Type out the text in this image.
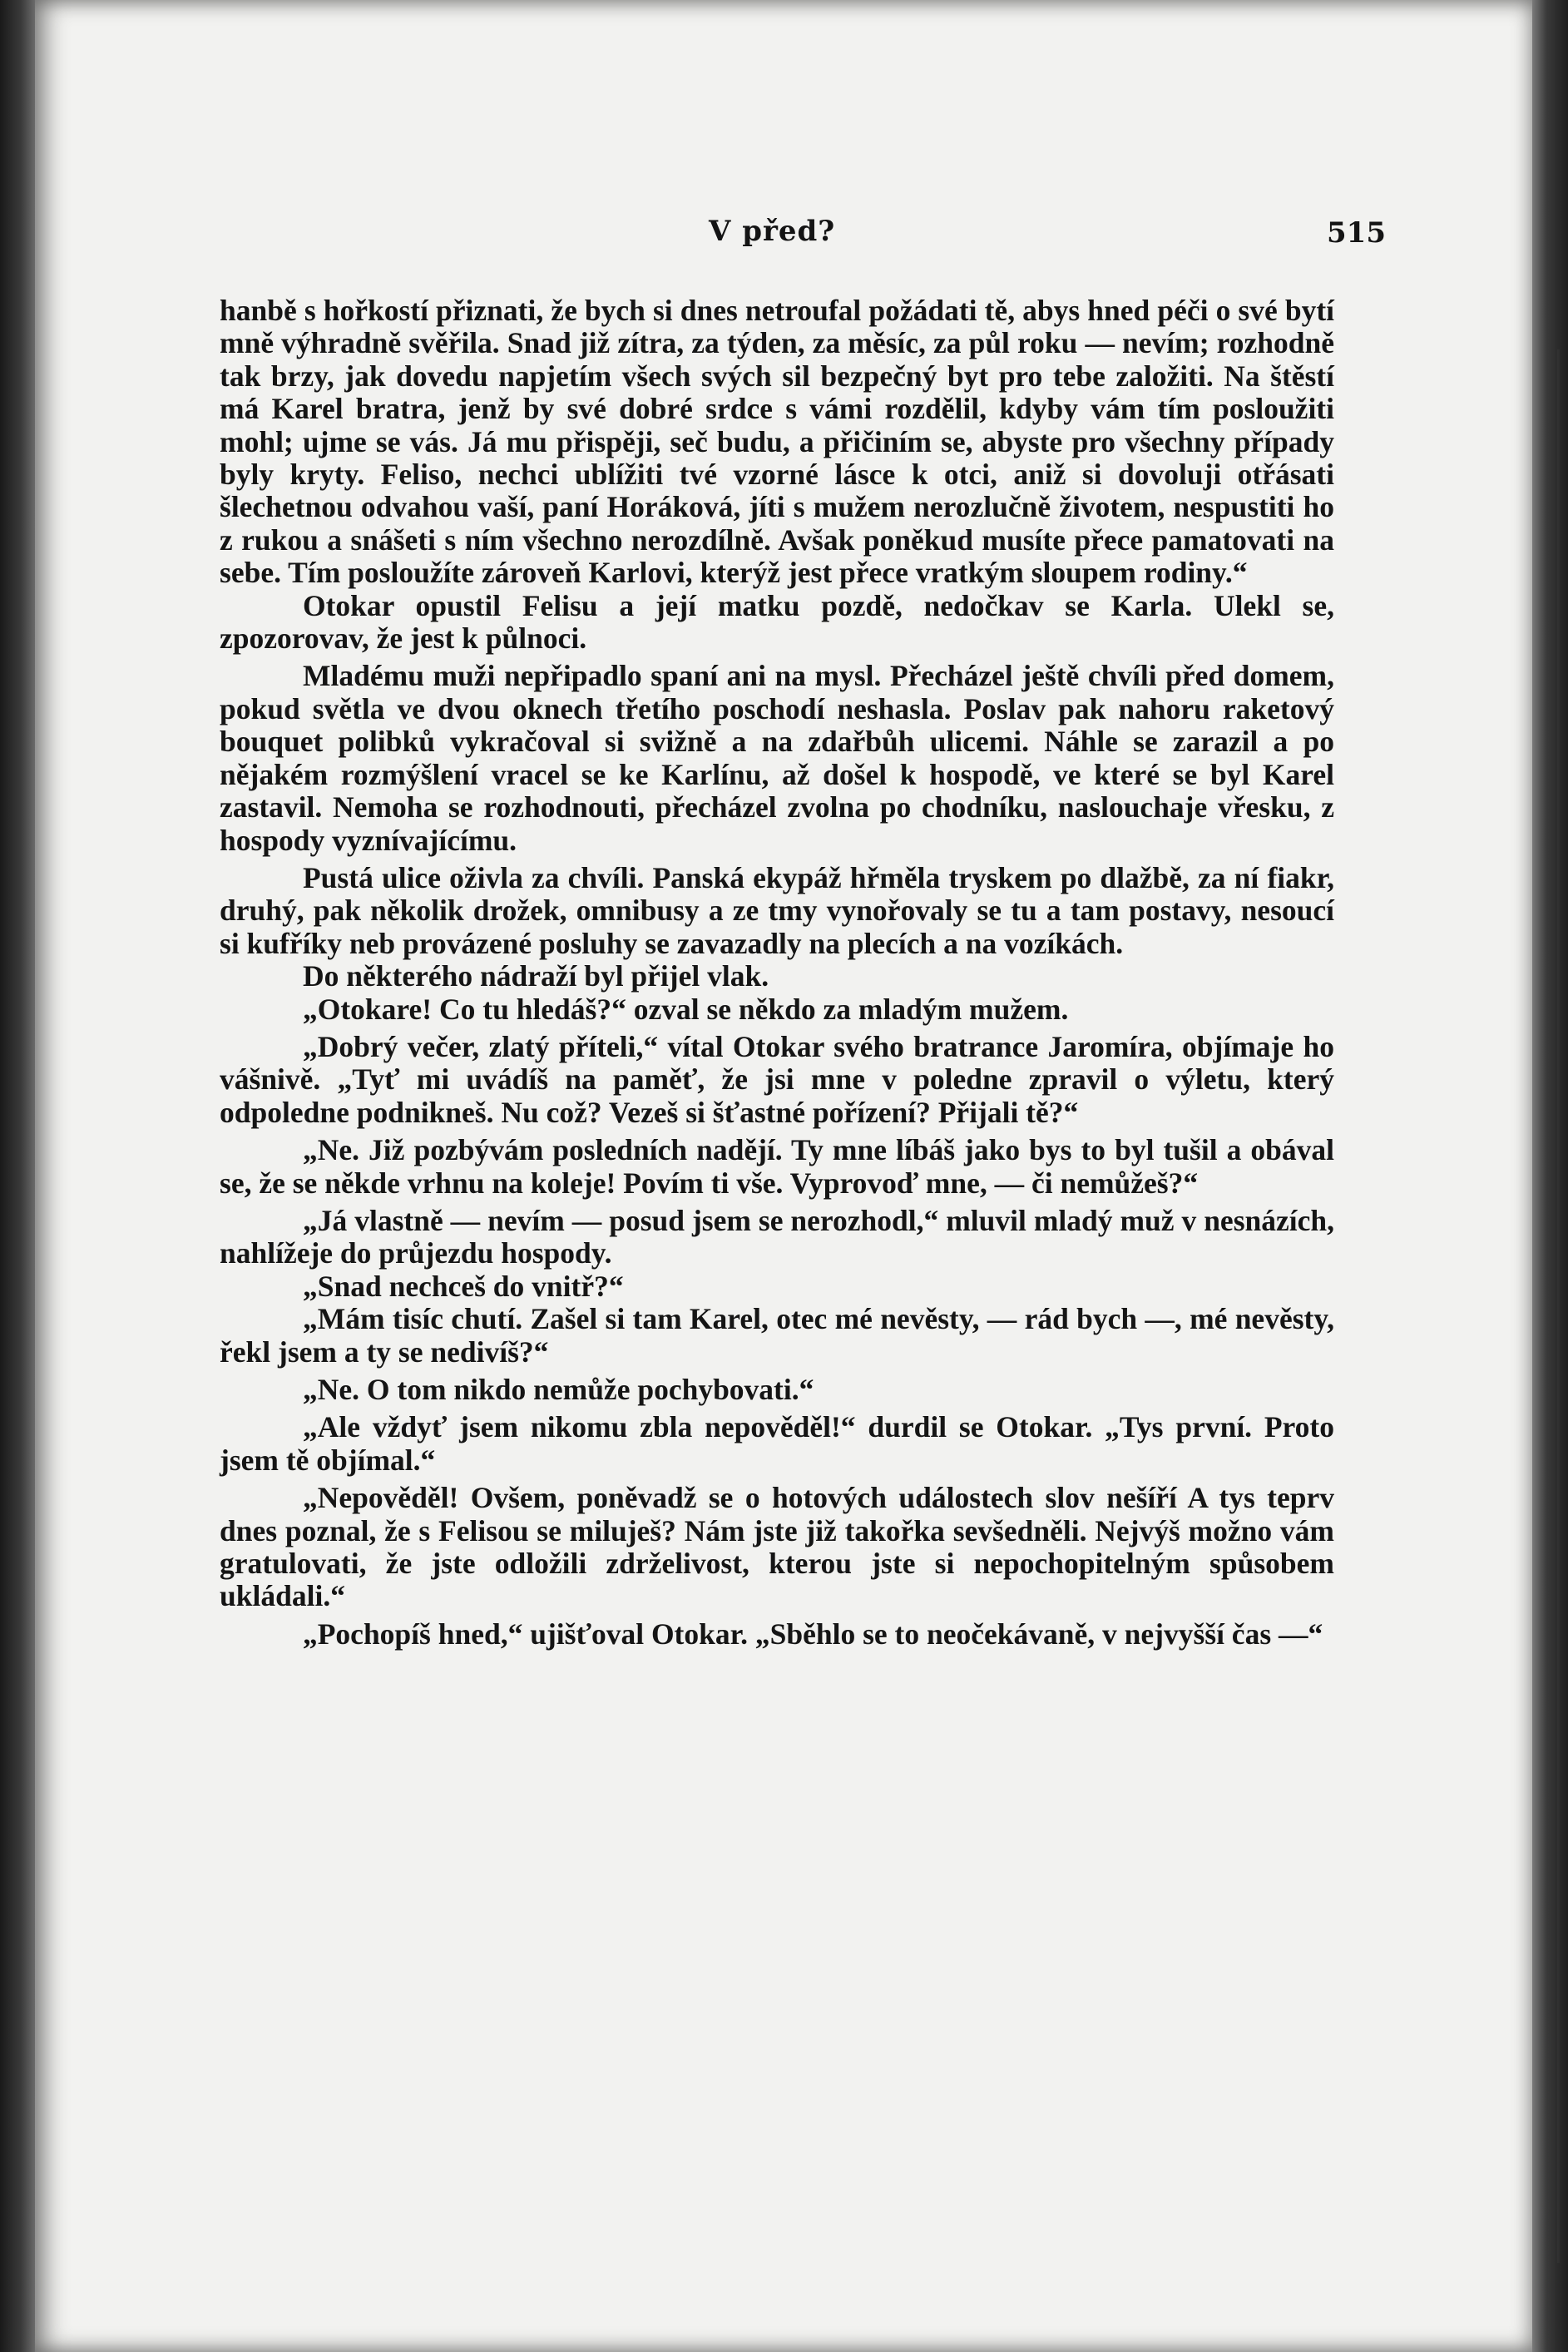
V před?	515

hanbě s hořkostí přiznati, že bych si dnes netroufal požádati tě, abys hned péči o své bytí mně výhradně svěřila. Snad již zítra, za týden, za měsíc, za půl roku — nevím; rozhodně tak brzy, jak dovedu napjetím všech svých sil bezpečný byt pro tebe založiti. Na štěstí má Karel bratra, jenž by své dobré srdce s vámi rozdělil, kdyby vám tím posloužiti mohl; ujme se vás. Já mu přispěji, seč budu, a přičiním se, abyste pro všechny případy byly kryty. Feliso, nechci ublížiti tvé vzorné lásce k otci, aniž si dovoluji otřásati šlechetnou odvahou vaší, paní Horáková, jíti s mužem nerozlučně životem, nespustiti ho z rukou a snášeti s ním všechno nerozdílně. Avšak poněkud musíte přece pamatovati na sebe. Tím posloužíte zároveň Karlovi, kterýž jest přece vratkým sloupem rodiny.“

Otokar opustil Felisu a její matku pozdě, nedočkav se Karla. Ulekl se, zpozorovav, že jest k půlnoci.

Mladému muži nepřipadlo spaní ani na mysl. Přecházel ještě chvíli před domem, pokud světla ve dvou oknech třetího poschodí neshasla. Poslav pak nahoru raketový bouquet polibků vykračoval si svižně a na zdařbůh ulicemi. Náhle se zarazil a po nějakém rozmýšlení vracel se ke Karlínu, až došel k hospodě, ve které se byl Karel zastavil. Nemoha se rozhodnouti, přecházel zvolna po chodníku, naslouchaje vřesku, z hospody vyznívajícímu.

Pustá ulice oživla za chvíli. Panská ekypáž hřměla tryskem po dlažbě, za ní fiakr, druhý, pak několik drožek, omnibusy a ze tmy vynořovaly se tu a tam postavy, nesoucí si kufříky neb provázené posluhy se zavazadly na plecích a na vozíkách.

Do některého nádraží byl přijel vlak.

„Otokare! Co tu hledáš?“ ozval se někdo za mladým mužem.

„Dobrý večer, zlatý příteli,“ vítal Otokar svého bratrance Jaromíra, objímaje ho vášnivě. „Tyť mi uvádíš na paměť, že jsi mne v poledne zpravil o výletu, který odpoledne podnikneš. Nu což? Vezeš si šťastné pořízení? Přijali tě?“

„Ne. Již pozbývám posledních nadějí. Ty mne líbáš jako bys to byl tušil a obával se, že se někde vrhnu na koleje! Povím ti vše. Vyprovoď mne, — či nemůžeš?“

„Já vlastně — nevím — posud jsem se nerozhodl,“ mluvil mladý muž v nesnázích, nahlížeje do průjezdu hospody.

„Snad nechceš do vnitř?“

„Mám tisíc chutí. Zašel si tam Karel, otec mé nevěsty, — rád bych —, mé nevěsty, řekl jsem a ty se nedivíš?“

„Ne. O tom nikdo nemůže pochybovati.“

„Ale vždyť jsem nikomu zbla nepověděl!“ durdil se Otokar. „Tys první. Proto jsem tě objímal.“

„Nepověděl! Ovšem, poněvadž se o hotových událostech slov nešíří A tys teprv dnes poznal, že s Felisou se miluješ? Nám jste již takořka sevšedněli. Nejvýš možno vám gratulovati, že jste odložili zdrželivost, kterou jste si nepochopitelným spůsobem ukládali.“

„Pochopíš hned,“ ujišťoval Otokar. „Sběhlo se to neočekávaně, v nejvyšší čas —“
